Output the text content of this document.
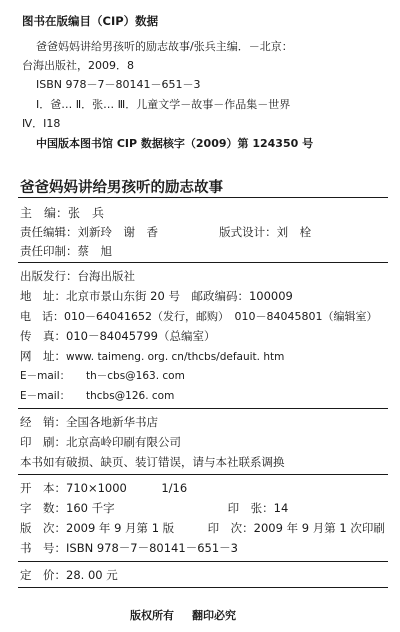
图书在版编目（CIP）数据
爸爸妈妈讲给男孩听的励志故事/张兵主编．－北京：
台海出版社，2009．8
ISBN 978－7－80141－651－3
Ⅰ．爸… Ⅱ．张… Ⅲ．儿童文学－故事－作品集－世界
Ⅳ．I18
中国版本图书馆 CIP 数据核字（2009）第 124350 号
爸爸妈妈讲给男孩听的励志故事
主　编：张　兵
责任编辑：刘新玲　谢　香	版式设计：刘　栓
责任印制：蔡　旭
出版发行：台海出版社
地　址：北京市景山东街 20 号　邮政编码：100009
电　话：010－64041652（发行，邮购）　010－84045801（编辑室）
传　真：010－84045799（总编室）
网　址：www. taimeng. org. cn/thcbs/defauit. htm
E－mail： th－cbs@163. com
E－mail： thcbs@126. com
经　销：全国各地新华书店
印　刷：北京高岭印刷有限公司
本书如有破损、缺页、装订错误，请与本社联系调换
开　本：710×1000　　　1/16
字　数：160 千字	印　张：14
版　次：2009 年 9 月第 1 版	印　次：2009 年 9 月第 1 次印刷
书　号：ISBN 978－7－80141－651－3
定　价：28. 00 元
版权所有 翻印必究
